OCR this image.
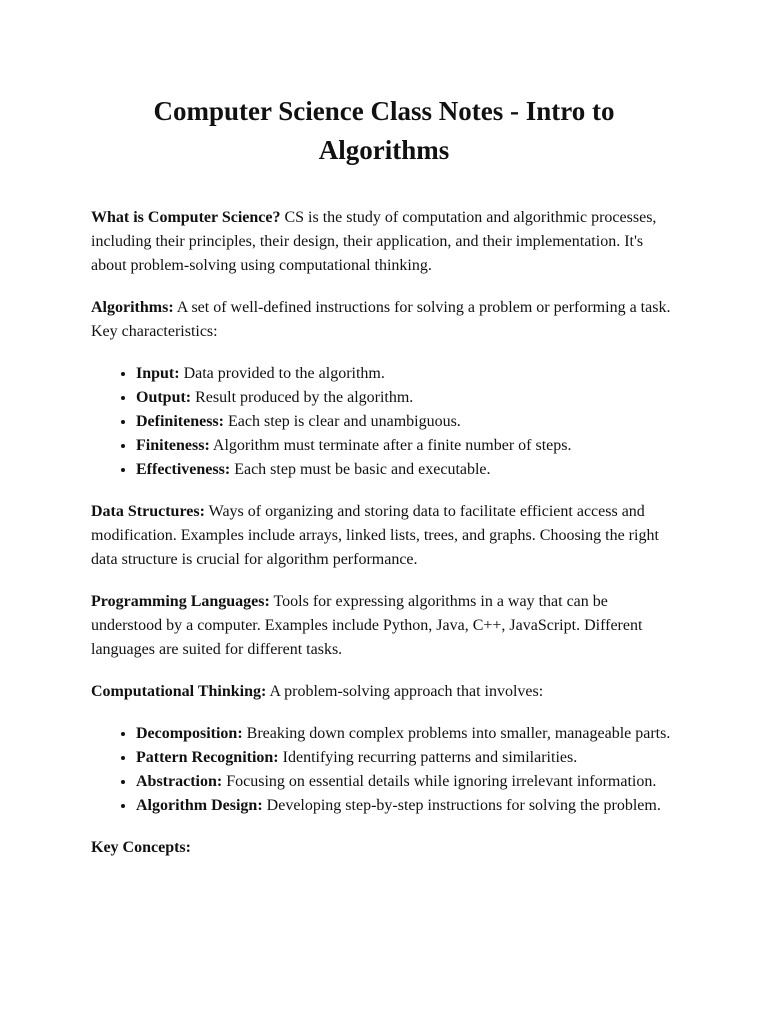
Computer Science Class Notes - Intro to Algorithms

What is Computer Science? CS is the study of computation and algorithmic processes, including their principles, their design, their application, and their implementation. It's about problem-solving using computational thinking.

Algorithms: A set of well-defined instructions for solving a problem or performing a task. Key characteristics:

• Input: Data provided to the algorithm.
• Output: Result produced by the algorithm.
• Definiteness: Each step is clear and unambiguous.
• Finiteness: Algorithm must terminate after a finite number of steps.
• Effectiveness: Each step must be basic and executable.

Data Structures: Ways of organizing and storing data to facilitate efficient access and modification. Examples include arrays, linked lists, trees, and graphs. Choosing the right data structure is crucial for algorithm performance.

Programming Languages: Tools for expressing algorithms in a way that can be understood by a computer. Examples include Python, Java, C++, JavaScript. Different languages are suited for different tasks.

Computational Thinking: A problem-solving approach that involves:

• Decomposition: Breaking down complex problems into smaller, manageable parts.
• Pattern Recognition: Identifying recurring patterns and similarities.
• Abstraction: Focusing on essential details while ignoring irrelevant information.
• Algorithm Design: Developing step-by-step instructions for solving the problem.

Key Concepts:
